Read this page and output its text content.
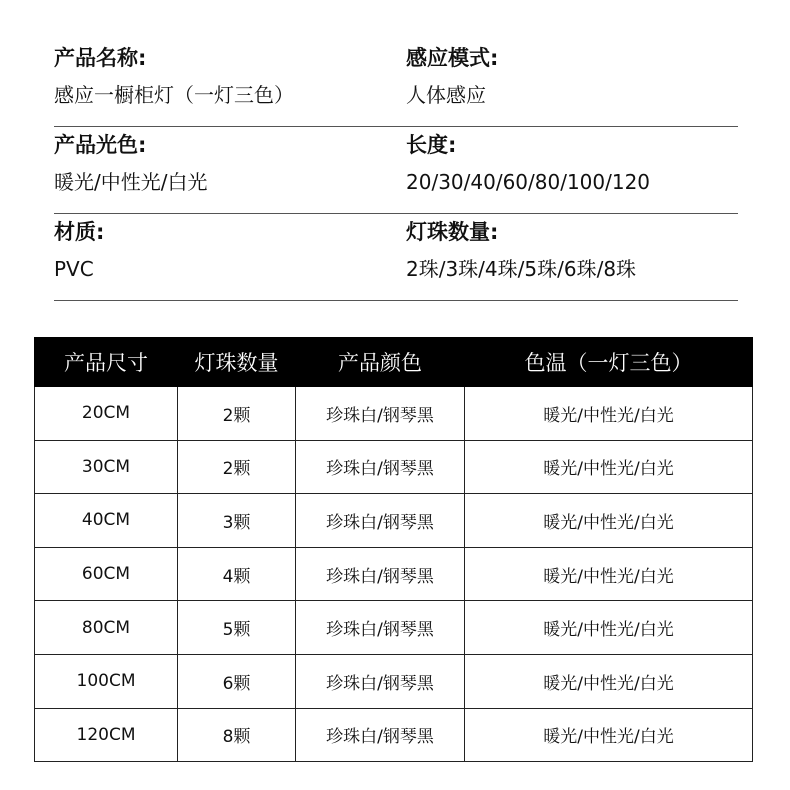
产品名称:
感应一橱柜灯（一灯三色）
感应模式:
人体感应
产品光色:
暖光/中性光/白光
长度:
20/30/40/60/80/100/120
材质:
PVC
灯珠数量:
2珠/3珠/4珠/5珠/6珠/8珠
产品尺寸	灯珠数量	产品颜色	色温（一灯三色）
20CM	2颗	珍珠白/钢琴黑	暖光/中性光/白光
30CM	2颗	珍珠白/钢琴黑	暖光/中性光/白光
40CM	3颗	珍珠白/钢琴黑	暖光/中性光/白光
60CM	4颗	珍珠白/钢琴黑	暖光/中性光/白光
80CM	5颗	珍珠白/钢琴黑	暖光/中性光/白光
100CM	6颗	珍珠白/钢琴黑	暖光/中性光/白光
120CM	8颗	珍珠白/钢琴黑	暖光/中性光/白光
